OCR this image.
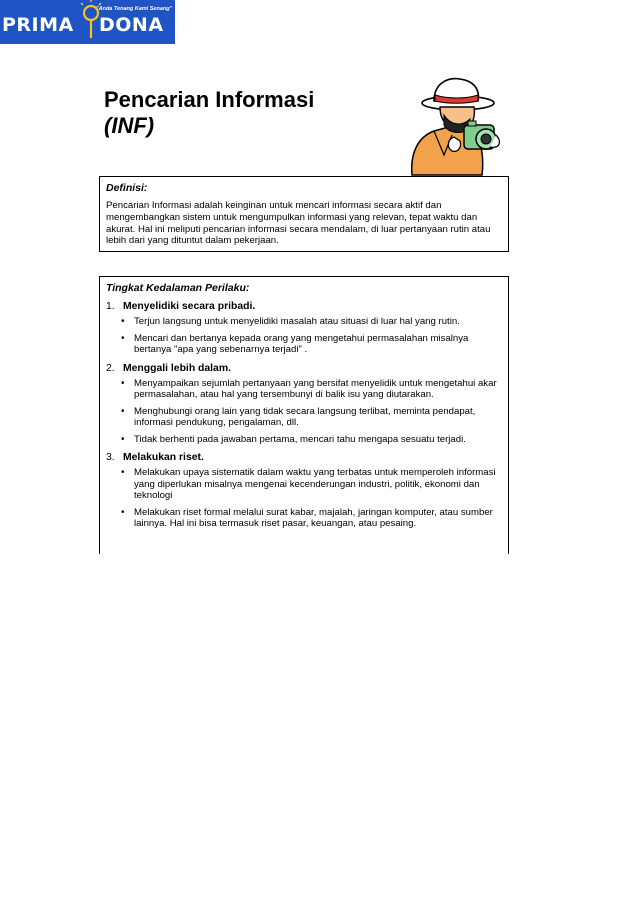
PRIMA
"Anda Tenang Kami Senang"
DONA
Pencarian Informasi
(INF)
Definisi:
Pencarian Informasi adalah keinginan untuk mencari informasi secara aktif dan mengembangkan sistem untuk mengumpulkan informasi yang relevan, tepat waktu dan akurat. Hal ini meliputi pencarian informasi secara mendalam, di luar pertanyaan rutin atau lebih dari yang dituntut dalam pekerjaan.
Tingkat Kedalaman Perilaku:
1. Menyelidiki secara pribadi.
• Terjun langsung untuk menyelidiki masalah atau situasi di luar hal yang rutin.
• Mencari dan bertanya kepada orang yang mengetahui permasalahan misalnya bertanya "apa yang sebenarnya terjadi" .
2. Menggali lebih dalam.
• Menyampaikan sejumlah pertanyaan yang bersifat menyelidik untuk mengetahui akar permasalahan, atau hal yang tersembunyi di balik isu yang diutarakan.
• Menghubungi orang lain yang tidak secara langsung terlibat, meminta pendapat, informasi pendukung, pengalaman, dll.
• Tidak berhenti pada jawaban pertama, mencari tahu mengapa sesuatu terjadi.
3. Melakukan riset.
• Melakukan upaya sistematik dalam waktu yang terbatas untuk memperoleh informasi yang diperlukan misalnya mengenai kecenderungan industri, politik, ekonomi dan teknologi
• Melakukan riset formal melalui surat kabar, majalah, jaringan komputer, atau sumber lainnya. Hal ini bisa termasuk riset pasar, keuangan, atau pesaing.
